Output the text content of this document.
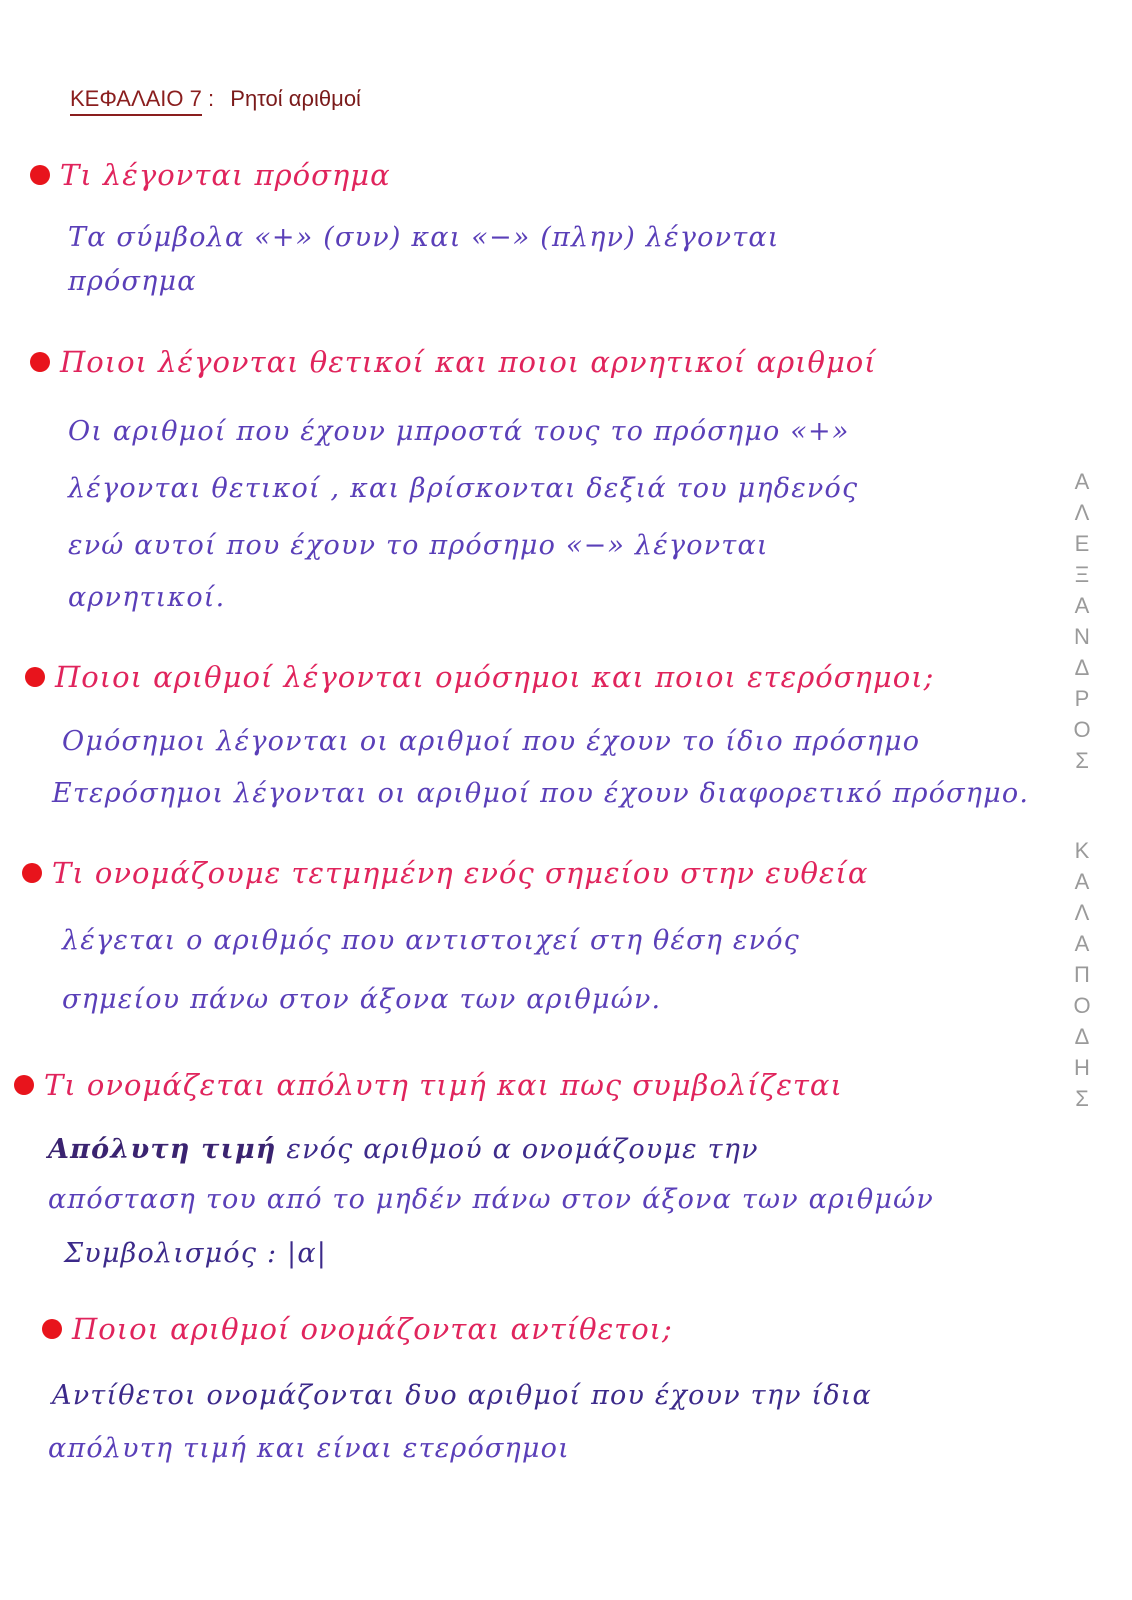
ΚΕΦΑΛΑΙΟ 7 : Ρητοί αριθμοί
Τι λέγονται πρόσημα
Τα σύμβολα «+» (συν) και «−» (πλην) λέγονται
πρόσημα
Ποιοι λέγονται θετικοί και ποιοι αρνητικοί αριθμοί
Οι αριθμοί που έχουν μπροστά τους το πρόσημο «+»
λέγονται θετικοί , και βρίσκονται δεξιά του μηδενός
ενώ αυτοί που έχουν το πρόσημο «−» λέγονται
αρνητικοί.
Ποιοι αριθμοί λέγονται ομόσημοι και ποιοι ετερόσημοι;
Ομόσημοι λέγονται οι αριθμοί που έχουν το ίδιο πρόσημο
Ετερόσημοι λέγονται οι αριθμοί που έχουν διαφορετικό πρόσημο.
Τι ονομάζουμε τετμημένη ενός σημείου στην ευθεία
λέγεται ο αριθμός που αντιστοιχεί στη θέση ενός
σημείου πάνω στον άξονα των αριθμών.
Τι ονομάζεται απόλυτη τιμή και πως συμβολίζεται
Απόλυτη τιμή ενός αριθμού α ονομάζουμε την
απόσταση του από το μηδέν πάνω στον άξονα των αριθμών
Συμβολισμός : |α|
Ποιοι αριθμοί ονομάζονται αντίθετοι;
Αντίθετοι ονομάζονται δυο αριθμοί που έχουν την ίδια
απόλυτη τιμή και είναι ετερόσημοι
Α
Λ
Ε
Ξ
Α
Ν
Δ
Ρ
Ο
Σ
Κ
Α
Λ
Α
Π
Ο
Δ
Η
Σ
